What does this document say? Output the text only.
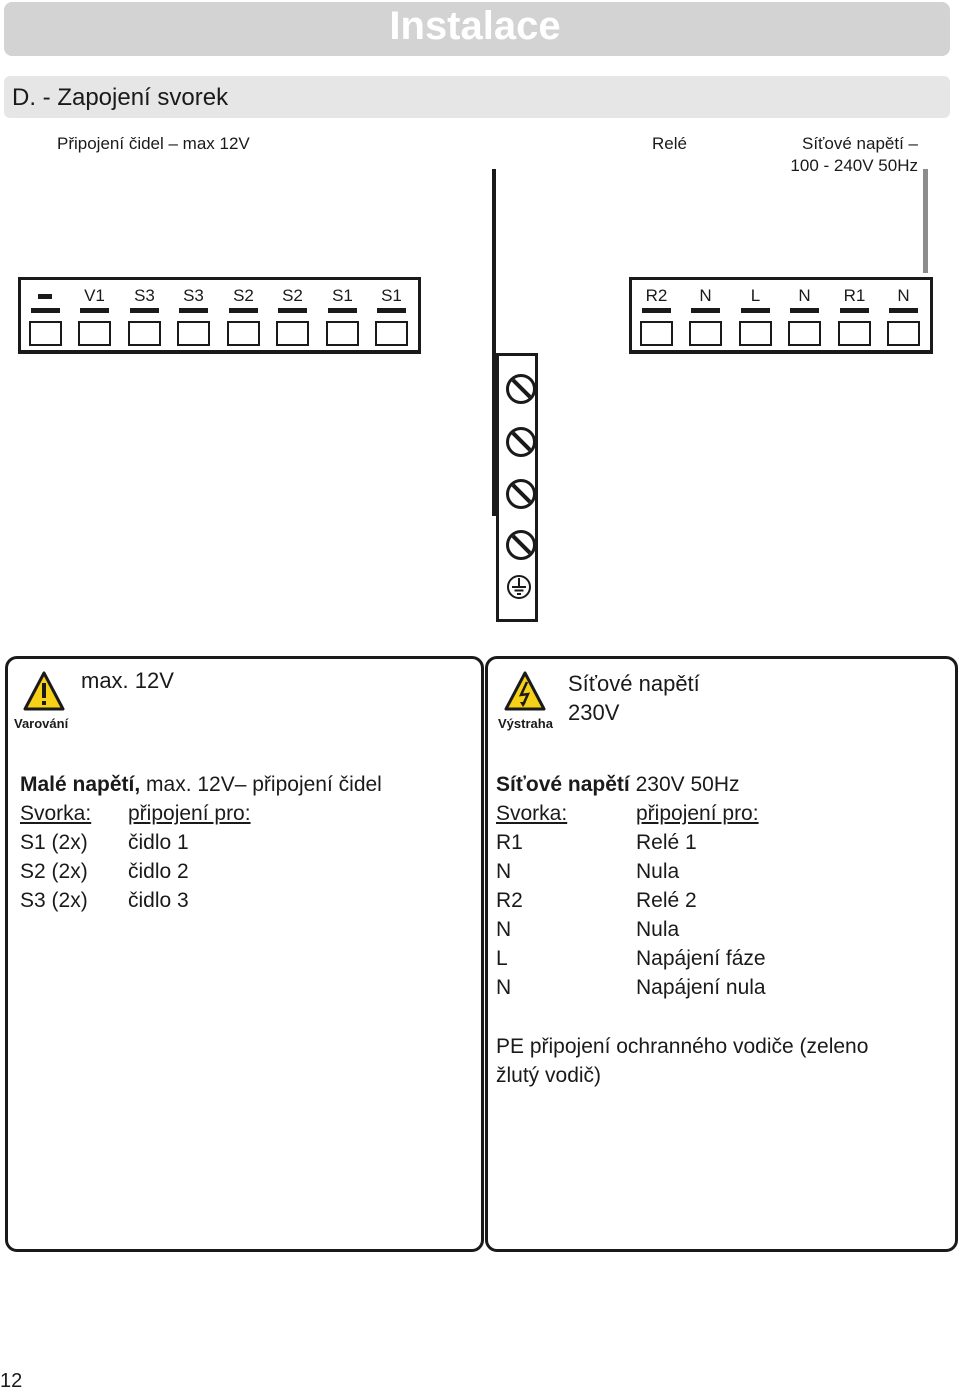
Instalace
D. - Zapojení svorek
Připojení čidel – max 12V	Relé	Síťové napětí –
100 - 240V 50Hz
V1	S3	S3	S2	S2	S1	S1	R2	N	L	N	R1	N
Varování
max. 12V
Malé napětí, max. 12V– připojení čidel
Svorka:	připojení pro:
S1 (2x)	čidlo 1
S2 (2x)	čidlo 2
S3 (2x)	čidlo 3
Výstraha
Síťové napětí
230V
Síťové napětí 230V 50Hz
Svorka:	připojení pro:
R1	Relé 1
N	Nula
R2	Relé 2
N	Nula
L	Napájení fáze
N	Napájení nula
PE připojení ochranného vodiče (zeleno
žlutý vodič)
12
